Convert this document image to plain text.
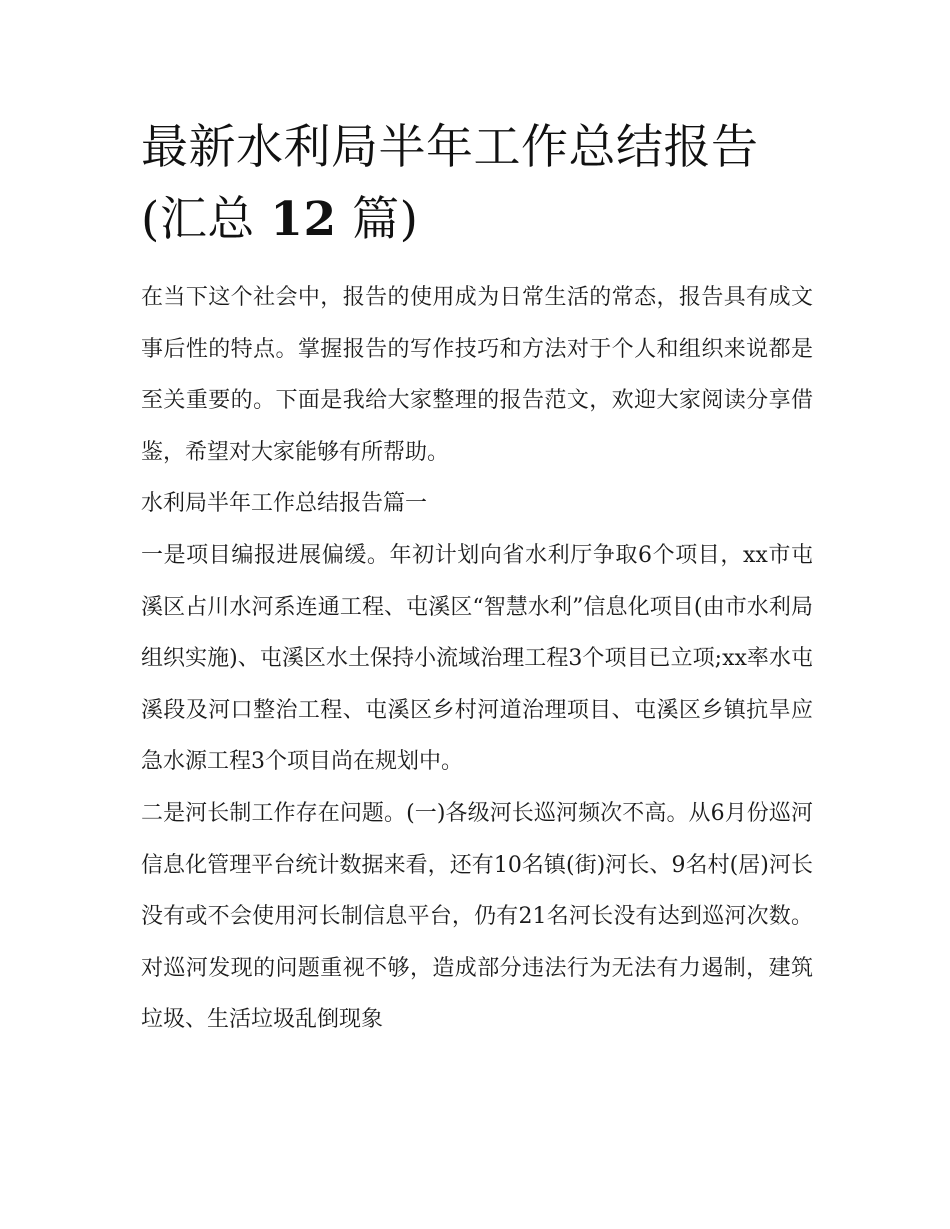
最新水利局半年工作总结报告(汇总 12 篇)

在当下这个社会中，报告的使用成为日常生活的常态，报告具有成文事后性的特点。掌握报告的写作技巧和方法对于个人和组织来说都是至关重要的。下面是我给大家整理的报告范文，欢迎大家阅读分享借鉴，希望对大家能够有所帮助。

水利局半年工作总结报告篇一

一是项目编报进展偏缓。年初计划向省水利厅争取6个项目，xx市屯溪区占川水河系连通工程、屯溪区“智慧水利”信息化项目(由市水利局组织实施)、屯溪区水土保持小流域治理工程3个项目已立项;xx率水屯溪段及河口整治工程、屯溪区乡村河道治理项目、屯溪区乡镇抗旱应急水源工程3个项目尚在规划中。

二是河长制工作存在问题。(一)各级河长巡河频次不高。从6月份巡河信息化管理平台统计数据来看，还有10名镇(街)河长、9名村(居)河长没有或不会使用河长制信息平台，仍有21名河长没有达到巡河次数。对巡河发现的问题重视不够，造成部分违法行为无法有力遏制，建筑垃圾、生活垃圾乱倒现象
